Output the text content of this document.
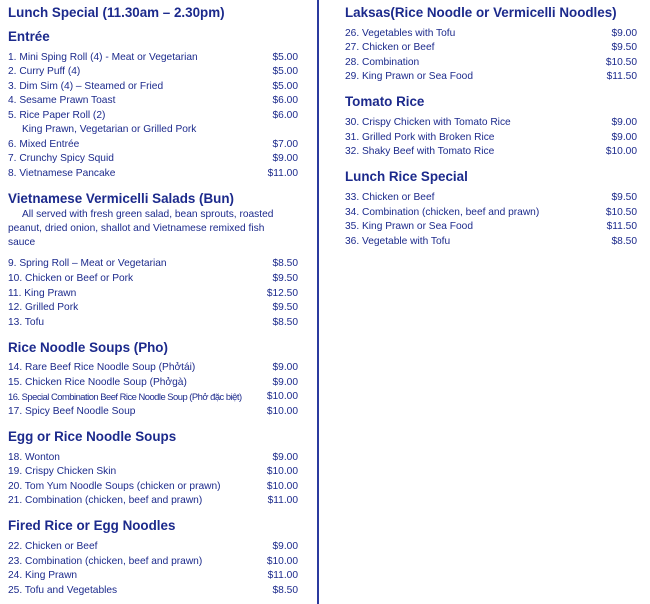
Lunch Special (11.30am – 2.30pm)
Entrée
1. Mini Sping Roll (4) - Meat or Vegetarian	$5.00
2. Curry Puff (4)	$5.00
3. Dim Sim (4) – Steamed or Fried	$5.00
4. Sesame Prawn Toast	$6.00
5. Rice Paper Roll (2)	$6.00
King Prawn, Vegetarian or Grilled Pork
6. Mixed Entrée	$7.00
7. Crunchy Spicy Squid	$9.00
8. Vietnamese Pancake	$11.00
Vietnamese Vermicelli Salads (Bun)
All served with fresh green salad, bean sprouts, roasted
peanut, dried onion, shallot and Vietnamese remixed fish
sauce
9. Spring Roll – Meat or Vegetarian	$8.50
10. Chicken or Beef or Pork	$9.50
11. King Prawn	$12.50
12. Grilled Pork	$9.50
13. Tofu	$8.50
Rice Noodle Soups (Pho)
14. Rare Beef Rice Noodle Soup (Phởtái)	$9.00
15. Chicken Rice Noodle Soup (Phởgà)	$9.00
16. Special Combination Beef Rice Noodle Soup (Phở đặc biệt) $10.00
17. Spicy Beef Noodle Soup	$10.00
Egg or Rice Noodle Soups
18. Wonton	$9.00
19. Crispy Chicken Skin	$10.00
20. Tom Yum Noodle Soups (chicken or prawn)	$10.00
21. Combination (chicken, beef and prawn)	$11.00
Fired Rice or Egg Noodles
22. Chicken or Beef	$9.00
23. Combination (chicken, beef and prawn)	$10.00
24. King Prawn	$11.00
25. Tofu and Vegetables	$8.50
Laksas(Rice Noodle or Vermicelli Noodles)
26. Vegetables with Tofu	$9.00
27. Chicken or Beef	$9.50
28. Combination	$10.50
29. King Prawn or Sea Food	$11.50
Tomato Rice
30. Crispy Chicken with Tomato Rice	$9.00
31. Grilled Pork with Broken Rice	$9.00
32. Shaky Beef with Tomato Rice	$10.00
Lunch Rice Special
33. Chicken or Beef	$9.50
34. Combination (chicken, beef and prawn)	$10.50
35. King Prawn or Sea Food	$11.50
36. Vegetable with Tofu	$8.50
